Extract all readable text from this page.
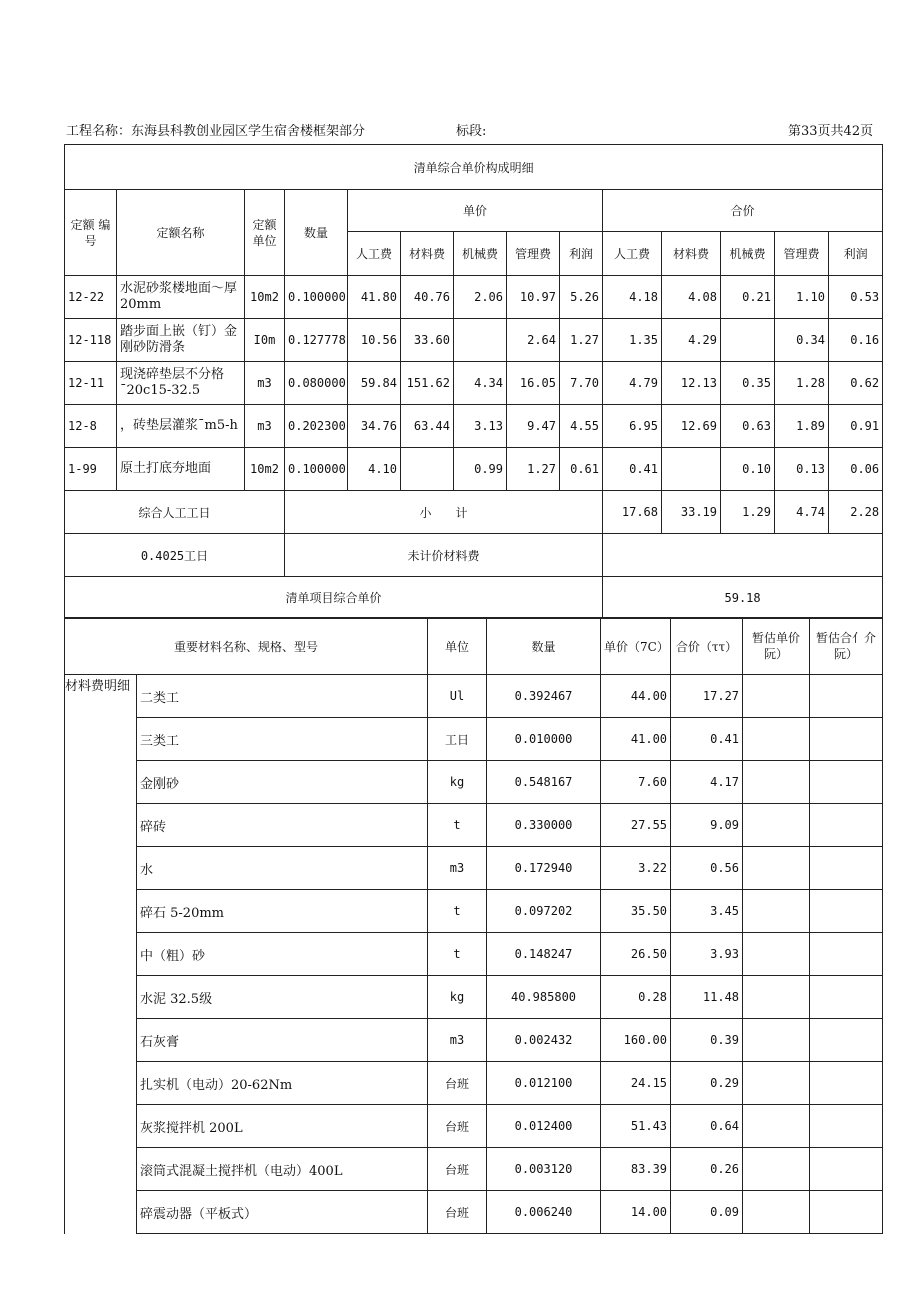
工程名称：东海县科教创业园区学生宿舍楼框架部分	标段:	第33页共42页
清单综合单价构成明细													
定额 编号	定额名称	定额 单位	数量	单价					合价				
				人工费	材料费	机械费	管理费	利润	人工费	材料费	机械费	管理费	利润
12-22	水泥砂浆楼地面～厚 20mm	10m2	0.100000	41.80	40.76	2.06	10.97	5.26	4.18	4.08	0.21	1.10	0.53
12-118	踏步面上嵌（钉）金刚砂防滑条	I0m	0.127778	10.56	33.60		2.64	1.27	1.35	4.29		0.34	0.16
12-11	现浇碎垫层不分格 ˉ20c15-32.5	m3	0.080000	59.84	151.62	4.34	16.05	7.70	4.79	12.13	0.35	1.28	0.62
12-8	，砖垫层灌浆ˉm5-h	m3	0.202300	34.76	63.44	3.13	9.47	4.55	6.95	12.69	0.63	1.89	0.91
1-99	原土打底夯地面	10m2	0.100000	4.10		0.99	1.27	0.61	0.41		0.10	0.13	0.06
综合人工工日			小　　计						17.68	33.19	1.29	4.74	2.28
0.4025工日			未计价材料费										
清单项目综合单价									59.18				
重要材料名称、规格、型号		单位	数量	单价（7C）	合价（ττ）	暂估单价阮）	暂估合亻介阮）
材料费明细	二类工	Ul	0.392467	44.00	17.27		
	三类工	工日	0.010000	41.00	0.41		
	金刚砂	kg	0.548167	7.60	4.17		
	碎砖	t	0.330000	27.55	9.09		
	水	m3	0.172940	3.22	0.56		
	碎石 5-20mm	t	0.097202	35.50	3.45		
	中（粗）砂	t	0.148247	26.50	3.93		
	水泥 32.5级	kg	40.985800	0.28	11.48		
	石灰膏	m3	0.002432	160.00	0.39		
	扎实机（电动）20-62Nm	台班	0.012100	24.15	0.29		
	灰浆搅拌机 200L	台班	0.012400	51.43	0.64		
	滚筒式混凝土搅拌机（电动）400L	台班	0.003120	83.39	0.26		
	碎震动器（平板式）	台班	0.006240	14.00	0.09		
